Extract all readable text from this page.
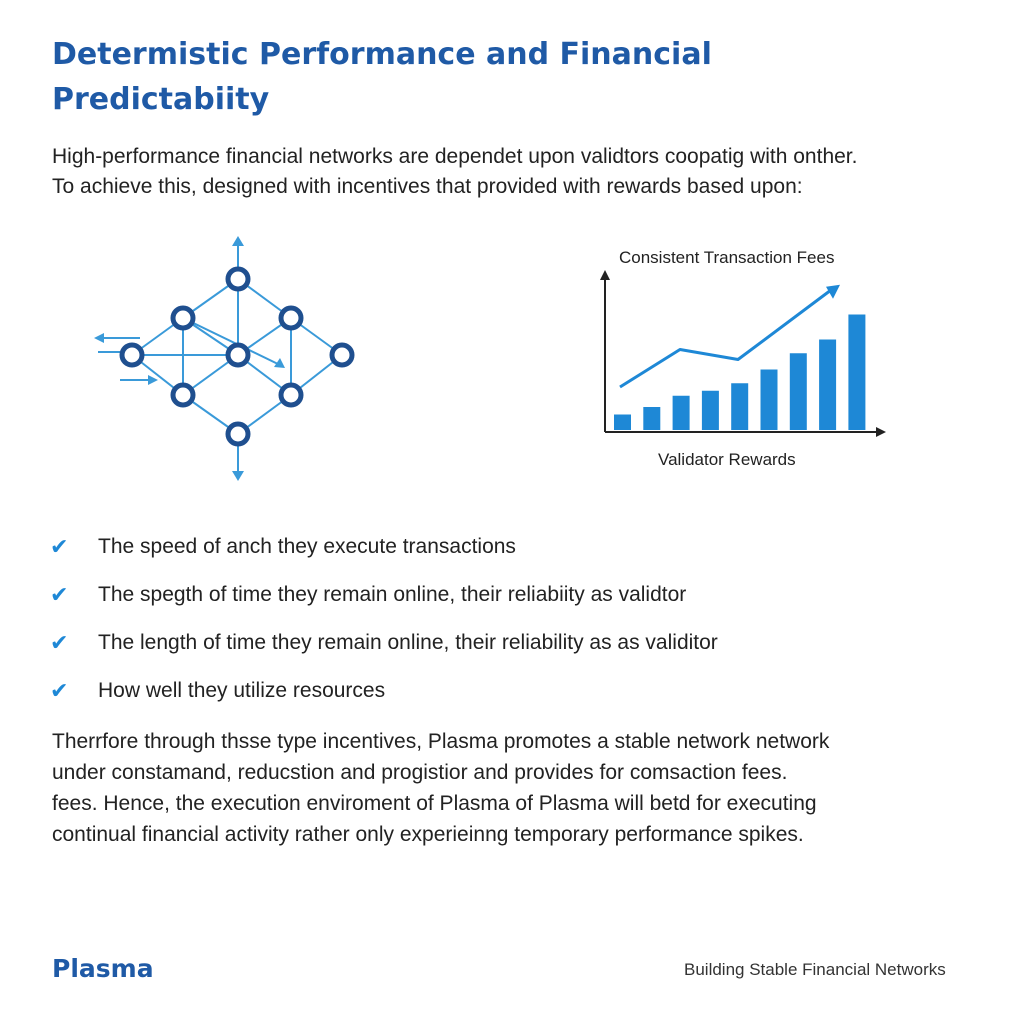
Determistic Performance and Financial Predictabiity
High-performance financial networks are dependet upon validtors coopatig with onther.
To achieve this, designed with incentives that provided with rewards based upon:
Consistent Transaction Fees
Validator Rewards
✔	The speed of anch they execute transactions
✔	The spegth of time they remain online, their reliabiity as validtor
✔	The length of time they remain online, their reliability as as validitor
✔	How well they utilize resources
Therrfore through thsse type incentives, Plasma promotes a stable network network
under constamand, reducstion and progistior and provides for comsaction fees.
fees. Hence, the execution enviroment of Plasma of Plasma will betd for executing
continual financial activity rather only experieinng temporary performance spikes.
Plasma	Building Stable Financial Networks
